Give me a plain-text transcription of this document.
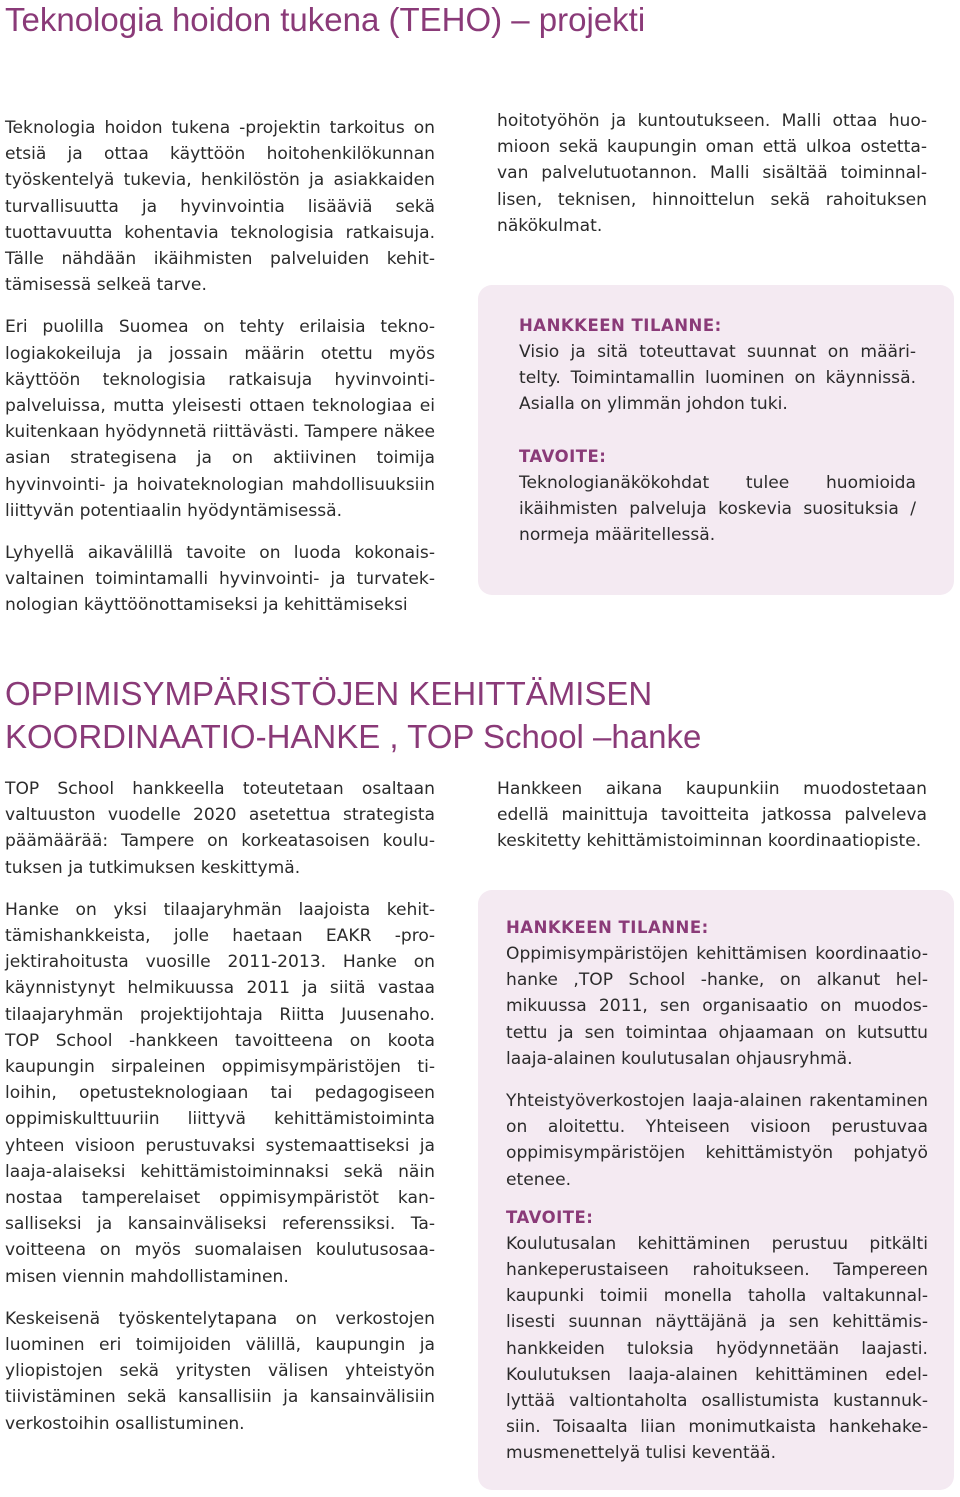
Teknologia hoidon tukena (TEHO) – projekti

Teknologia hoidon tukena -projektin tarkoitus on etsiä ja ottaa käyttöön hoitohenkilökunnan työskentelyä tukevia, henkilöstön ja asiakkaiden turvallisuutta ja hyvinvointia lisääviä sekä tuottavuutta kohentavia teknologisia ratkaisuja. Tälle nähdään ikäihmisten palveluiden kehittämisessä selkeä tarve.

Eri puolilla Suomea on tehty erilaisia teknologiakokeiluja ja jossain määrin otettu myös käyttöön teknologisia ratkaisuja hyvinvointipalveluissa, mutta yleisesti ottaen teknologiaa ei kuitenkaan hyödynnetä riittävästi. Tampere näkee asian strategisena ja on aktiivinen toimija hyvinvointi- ja hoivateknologian mahdollisuuksiin liittyvän potentiaalin hyödyntämisessä.

Lyhyellä aikavälillä tavoite on luoda kokonaisvaltainen toimintamalli hyvinvointi- ja turvateknologian käyttöönottamiseksi ja kehittämiseksi

hoitotyöhön ja kuntoutukseen. Malli ottaa huomioon sekä kaupungin oman että ulkoa ostettavan palvelutuotannon. Malli sisältää toiminnallisen, teknisen, hinnoittelun sekä rahoituksen näkökulmat.

HANKKEEN TILANNE:

Visio ja sitä toteuttavat suunnat on määritelty. Toimintamallin luominen on käynnissä. Asialla on ylimmän johdon tuki.

TAVOITE:

Teknologianäkökohdat tulee huomioida ikäihmisten palveluja koskevia suosituksia / normeja määritellessä.

OPPIMISYMPÄRISTÖJEN KEHITTÄMISEN
KOORDINAATIO-HANKE , TOP School –hanke

TOP School hankkeella toteutetaan osaltaan valtuuston vuodelle 2020 asetettua strategista päämäärää: Tampere on korkeatasoisen koulutuksen ja tutkimuksen keskittymä.

Hanke on yksi tilaajaryhmän laajoista kehittämishankkeista, jolle haetaan EAKR -projektirahoitusta vuosille 2011-2013. Hanke on käynnistynyt helmikuussa 2011 ja siitä vastaa tilaajaryhmän projektijohtaja Riitta Juusenaho. TOP School -hankkeen tavoitteena on koota kaupungin sirpaleinen oppimisympäristöjen tiloihin, opetusteknologiaan tai pedagogiseen oppimiskulttuuriin liittyvä kehittämistoiminta yhteen visioon perustuvaksi systemaattiseksi ja laaja-alaiseksi kehittämistoiminnaksi sekä näin nostaa tamperelaiset oppimisympäristöt kansalliseksi ja kansainväliseksi referenssiksi. Tavoitteena on myös suomalaisen koulutusosaamisen viennin mahdollistaminen.

Keskeisenä työskentelytapana on verkostojen luominen eri toimijoiden välillä, kaupungin ja yliopistojen sekä yritysten välisen yhteistyön tiivistäminen sekä kansallisiin ja kansainvälisiin verkostoihin osallistuminen.

Hankkeen aikana kaupunkiin muodostetaan edellä mainittuja tavoitteita jatkossa palveleva keskitetty kehittämistoiminnan koordinaatiopiste.

HANKKEEN TILANNE:

Oppimisympäristöjen kehittämisen koordinaatio-hanke ,TOP School -hanke, on alkanut helmikuussa 2011, sen organisaatio on muodostettu ja sen toimintaa ohjaamaan on kutsuttu laaja-alainen koulutusalan ohjausryhmä.

Yhteistyöverkostojen laaja-alainen rakentaminen on aloitettu. Yhteiseen visioon perustuvaa oppimisympäristöjen kehittämistyön pohjatyö etenee.

TAVOITE:

Koulutusalan kehittäminen perustuu pitkälti hankeperustaiseen rahoitukseen. Tampereen kaupunki toimii monella taholla valtakunnallisesti suunnan näyttäjänä ja sen kehittämishankkeiden tuloksia hyödynnetään laajasti. Koulutuksen laaja-alainen kehittäminen edellyttää valtiontaholta osallistumista kustannuksiin. Toisaalta liian monimutkaista hankehakemusmenettelyä tulisi keventää.
